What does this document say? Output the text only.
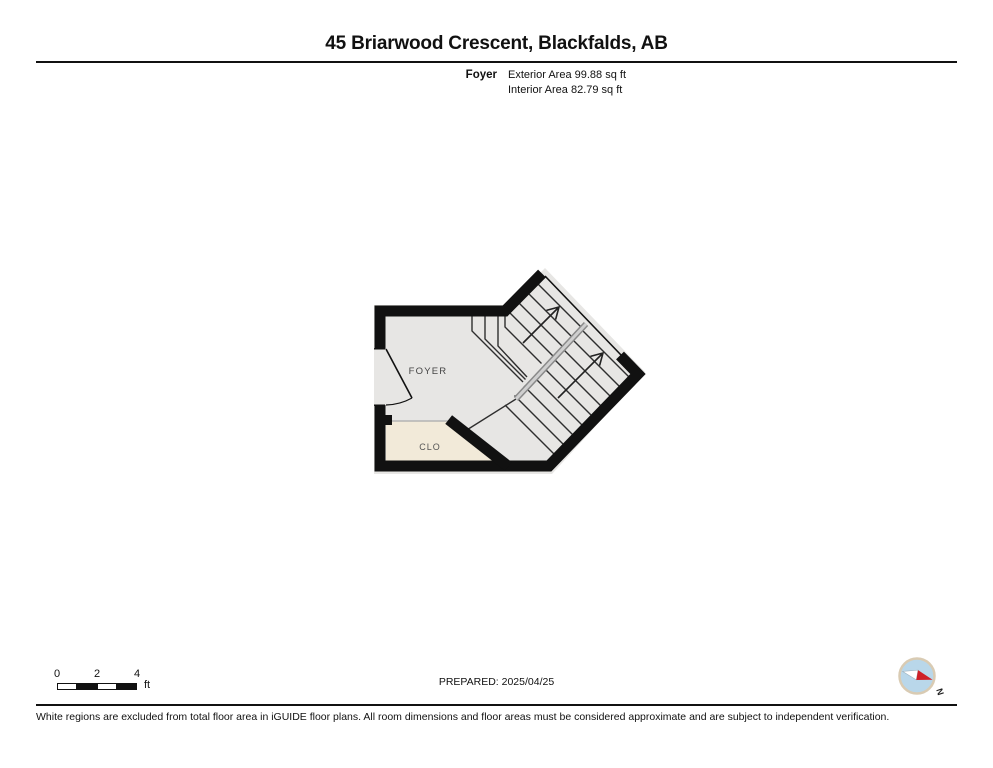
45 Briarwood Crescent, Blackfalds, AB
Foyer Exterior Area 99.88 sq ft
Interior Area 82.79 sq ft
FOYER
CLO
0	2	4
ft	PREPARED: 2025/04/25
N
White regions are excluded from total floor area in iGUIDE floor plans. All room dimensions and floor areas must be considered approximate and are subject to independent verification.
